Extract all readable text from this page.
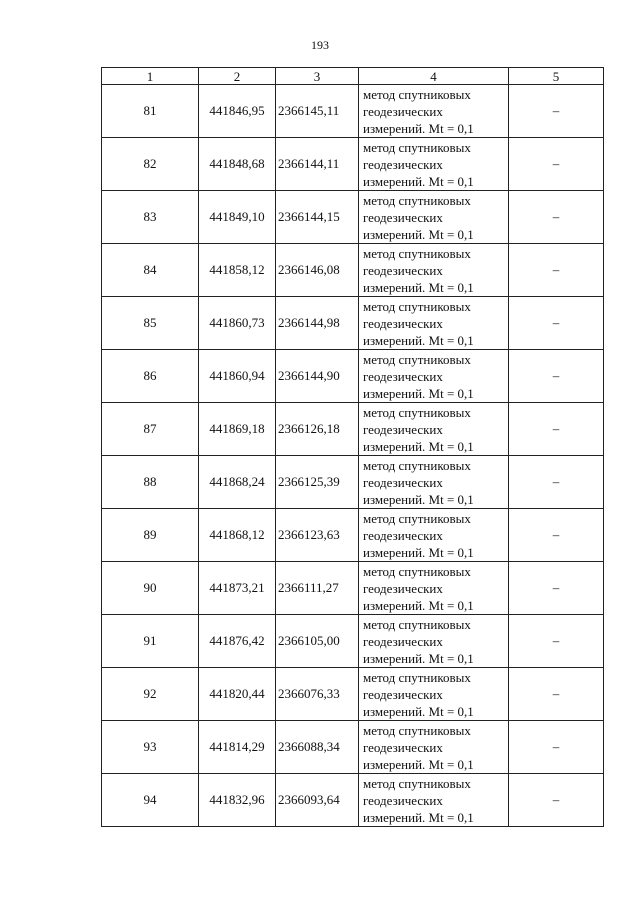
193
1	2	3	4	5
81	441846,95	2366145,11	метод спутниковых
геодезических
измерений. Mt = 0,1	–
82	441848,68	2366144,11	метод спутниковых
геодезических
измерений. Mt = 0,1	–
83	441849,10	2366144,15	метод спутниковых
геодезических
измерений. Mt = 0,1	–
84	441858,12	2366146,08	метод спутниковых
геодезических
измерений. Mt = 0,1	–
85	441860,73	2366144,98	метод спутниковых
геодезических
измерений. Mt = 0,1	–
86	441860,94	2366144,90	метод спутниковых
геодезических
измерений. Mt = 0,1	–
87	441869,18	2366126,18	метод спутниковых
геодезических
измерений. Mt = 0,1	–
88	441868,24	2366125,39	метод спутниковых
геодезических
измерений. Mt = 0,1	–
89	441868,12	2366123,63	метод спутниковых
геодезических
измерений. Mt = 0,1	–
90	441873,21	2366111,27	метод спутниковых
геодезических
измерений. Mt = 0,1	–
91	441876,42	2366105,00	метод спутниковых
геодезических
измерений. Mt = 0,1	–
92	441820,44	2366076,33	метод спутниковых
геодезических
измерений. Mt = 0,1	–
93	441814,29	2366088,34	метод спутниковых
геодезических
измерений. Mt = 0,1	–
94	441832,96	2366093,64	метод спутниковых
геодезических
измерений. Mt = 0,1	–
